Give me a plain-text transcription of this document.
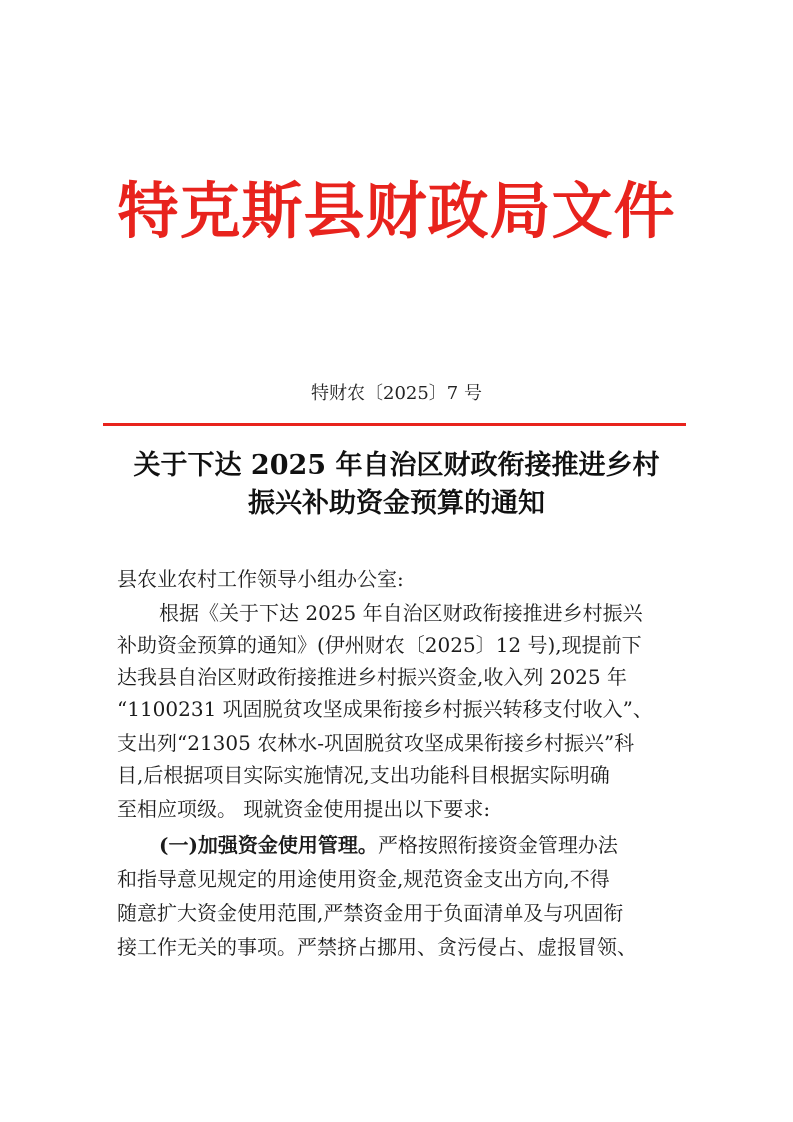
特克斯县财政局文件
特财农〔2025〕7 号
关于下达 2025 年自治区财政衔接推进乡村
振兴补助资金预算的通知
县农业农村工作领导小组办公室:
根据《关于下达 2025 年自治区财政衔接推进乡村振兴
补助资金预算的通知》(伊州财农〔2025〕12 号),现提前下
达我县自治区财政衔接推进乡村振兴资金,收入列 2025 年
“1100231 巩固脱贫攻坚成果衔接乡村振兴转移支付收入”、
支出列“21305 农林水-巩固脱贫攻坚成果衔接乡村振兴”科
目,后根据项目实际实施情况,支出功能科目根据实际明确
至相应项级。 现就资金使用提出以下要求:
(一)加强资金使用管理。严格按照衔接资金管理办法
和指导意见规定的用途使用资金,规范资金支出方向,不得
随意扩大资金使用范围,严禁资金用于负面清单及与巩固衔
接工作无关的事项。严禁挤占挪用、贪污侵占、虚报冒领、
